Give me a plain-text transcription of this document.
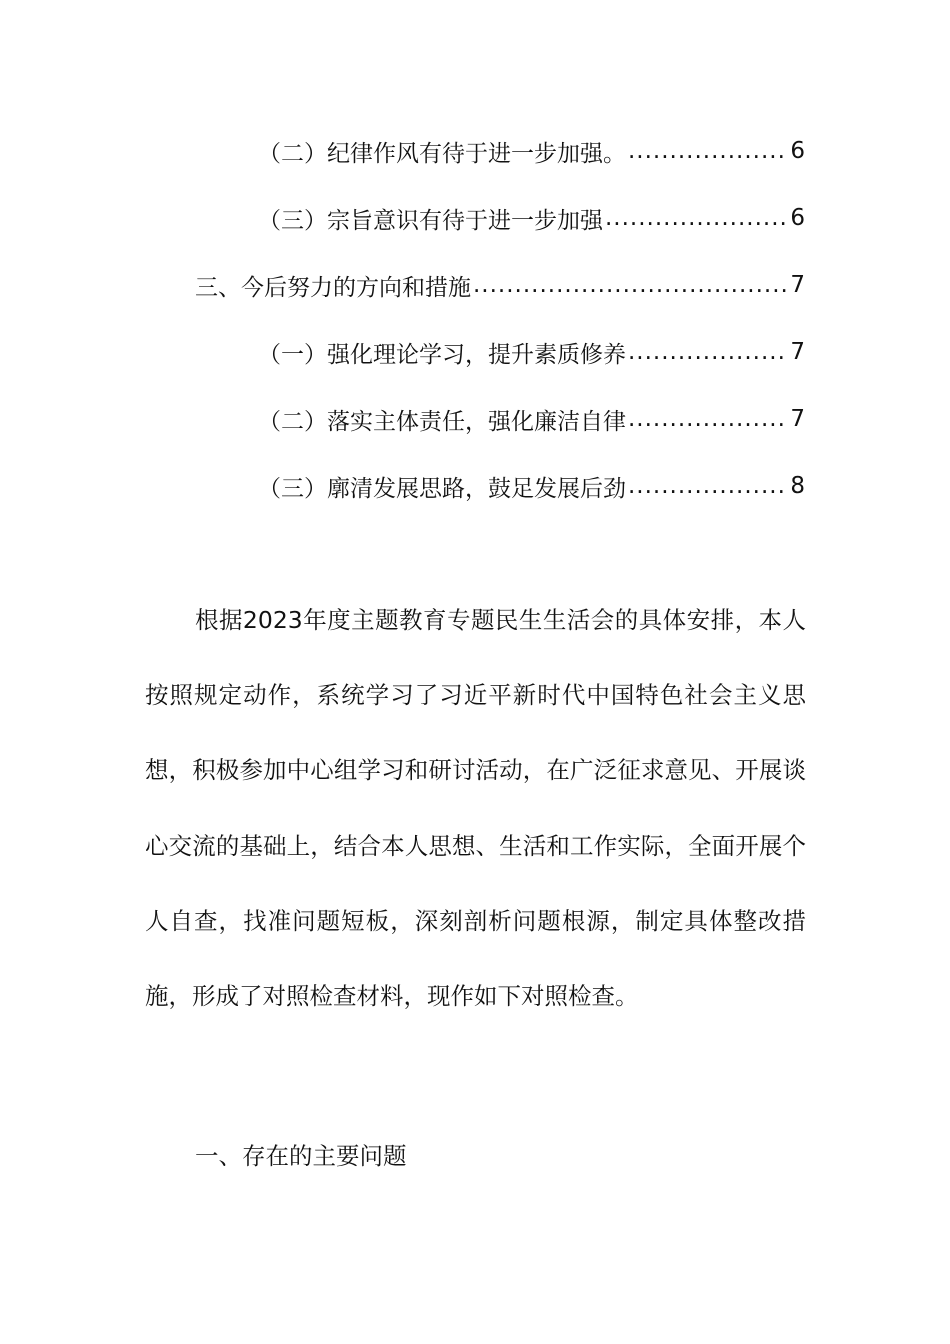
（二）纪律作风有待于进一步加强。 .....	6
（三）宗旨意识有待于进一步加强 .....	6
三、今后努力的方向和措施 .....	7
（一）强化理论学习，提升素质修养 .....	7
（二）落实主体责任，强化廉洁自律 .....	7
（三）廓清发展思路，鼓足发展后劲 .....	8

根据2023年度主题教育专题民生生活会的具体安排，本人按照规定动作，系统学习了习近平新时代中国特色社会主义思想，积极参加中心组学习和研讨活动，在广泛征求意见、开展谈心交流的基础上，结合本人思想、生活和工作实际，全面开展个人自查，找准问题短板，深刻剖析问题根源，制定具体整改措施，形成了对照检查材料，现作如下对照检查。

一、存在的主要问题
